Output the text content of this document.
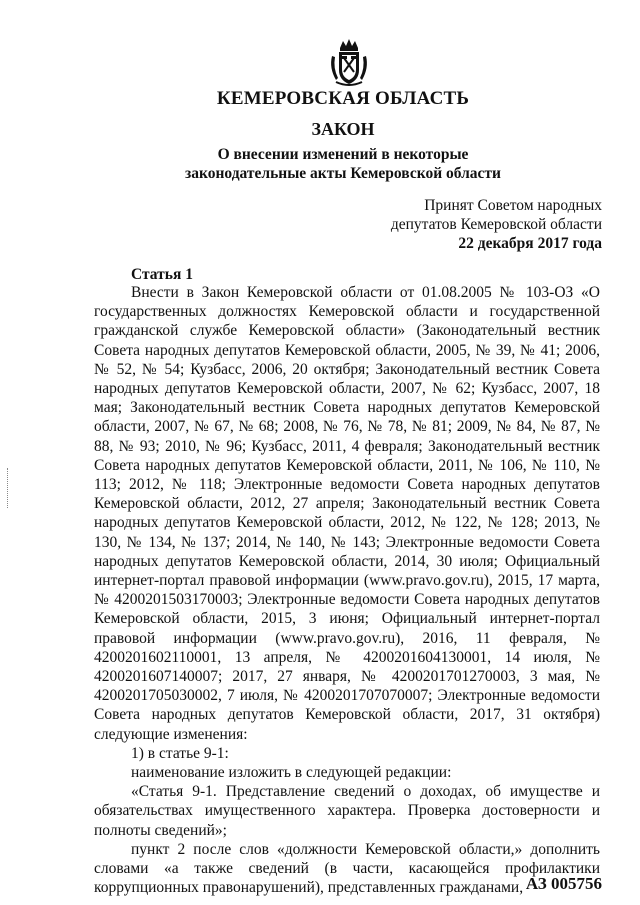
КЕМЕРОВСКАЯ ОБЛАСТЬ
ЗАКОН
О внесении изменений в некоторые
законодательные акты Кемеровской области
Принят Советом народных
депутатов Кемеровской области
22 декабря 2017 года
Статья 1

Внести в Закон Кемеровской области от 01.08.2005 № 103-ОЗ «О государственных должностях Кемеровской области и государственной гражданской службе Кемеровской области» (Законодательный вестник Совета народных депутатов Кемеровской области, 2005, № 39, № 41; 2006, № 52, № 54; Кузбасс, 2006, 20 октября; Законодательный вестник Совета народных депутатов Кемеровской области, 2007, № 62; Кузбасс, 2007, 18 мая; Законодательный вестник Совета народных депутатов Кемеровской области, 2007, № 67, № 68; 2008, № 76, № 78, № 81; 2009, № 84, № 87, № 88, № 93; 2010, № 96; Кузбасс, 2011, 4 февраля; Законодательный вестник Совета народных депутатов Кемеровской области, 2011, № 106, № 110, № 113; 2012, № 118; Электронные ведомости Совета народных депутатов Кемеровской области, 2012, 27 апреля; Законодательный вестник Совета народных депутатов Кемеровской области, 2012, № 122, № 128; 2013, № 130, № 134, № 137; 2014, № 140, № 143; Электронные ведомости Совета народных депутатов Кемеровской области, 2014, 30 июля; Официальный интернет-портал правовой информации (www.pravo.gov.ru), 2015, 17 марта, № 4200201503170003; Электронные ведомости Совета народных депутатов Кемеровской области, 2015, 3 июня; Официальный интернет-портал правовой информации (www.pravo.gov.ru), 2016, 11 февраля, № 4200201602110001, 13 апреля, № 4200201604130001, 14 июля, № 4200201607140007; 2017, 27 января, № 4200201701270003, 3 мая, № 4200201705030002, 7 июля, № 4200201707070007; Электронные ведомости Совета народных депутатов Кемеровской области, 2017, 31 октября) следующие изменения:

1) в статье 9-1:

наименование изложить в следующей редакции:

«Статья 9-1. Представление сведений о доходах, об имуществе и обязательствах имущественного характера. Проверка достоверности и полноты сведений»;

пункт 2 после слов «должности Кемеровской области,» дополнить словами «а также сведений (в части, касающейся профилактики коррупционных правонарушений), представленных гражданами, АЗ 005756
